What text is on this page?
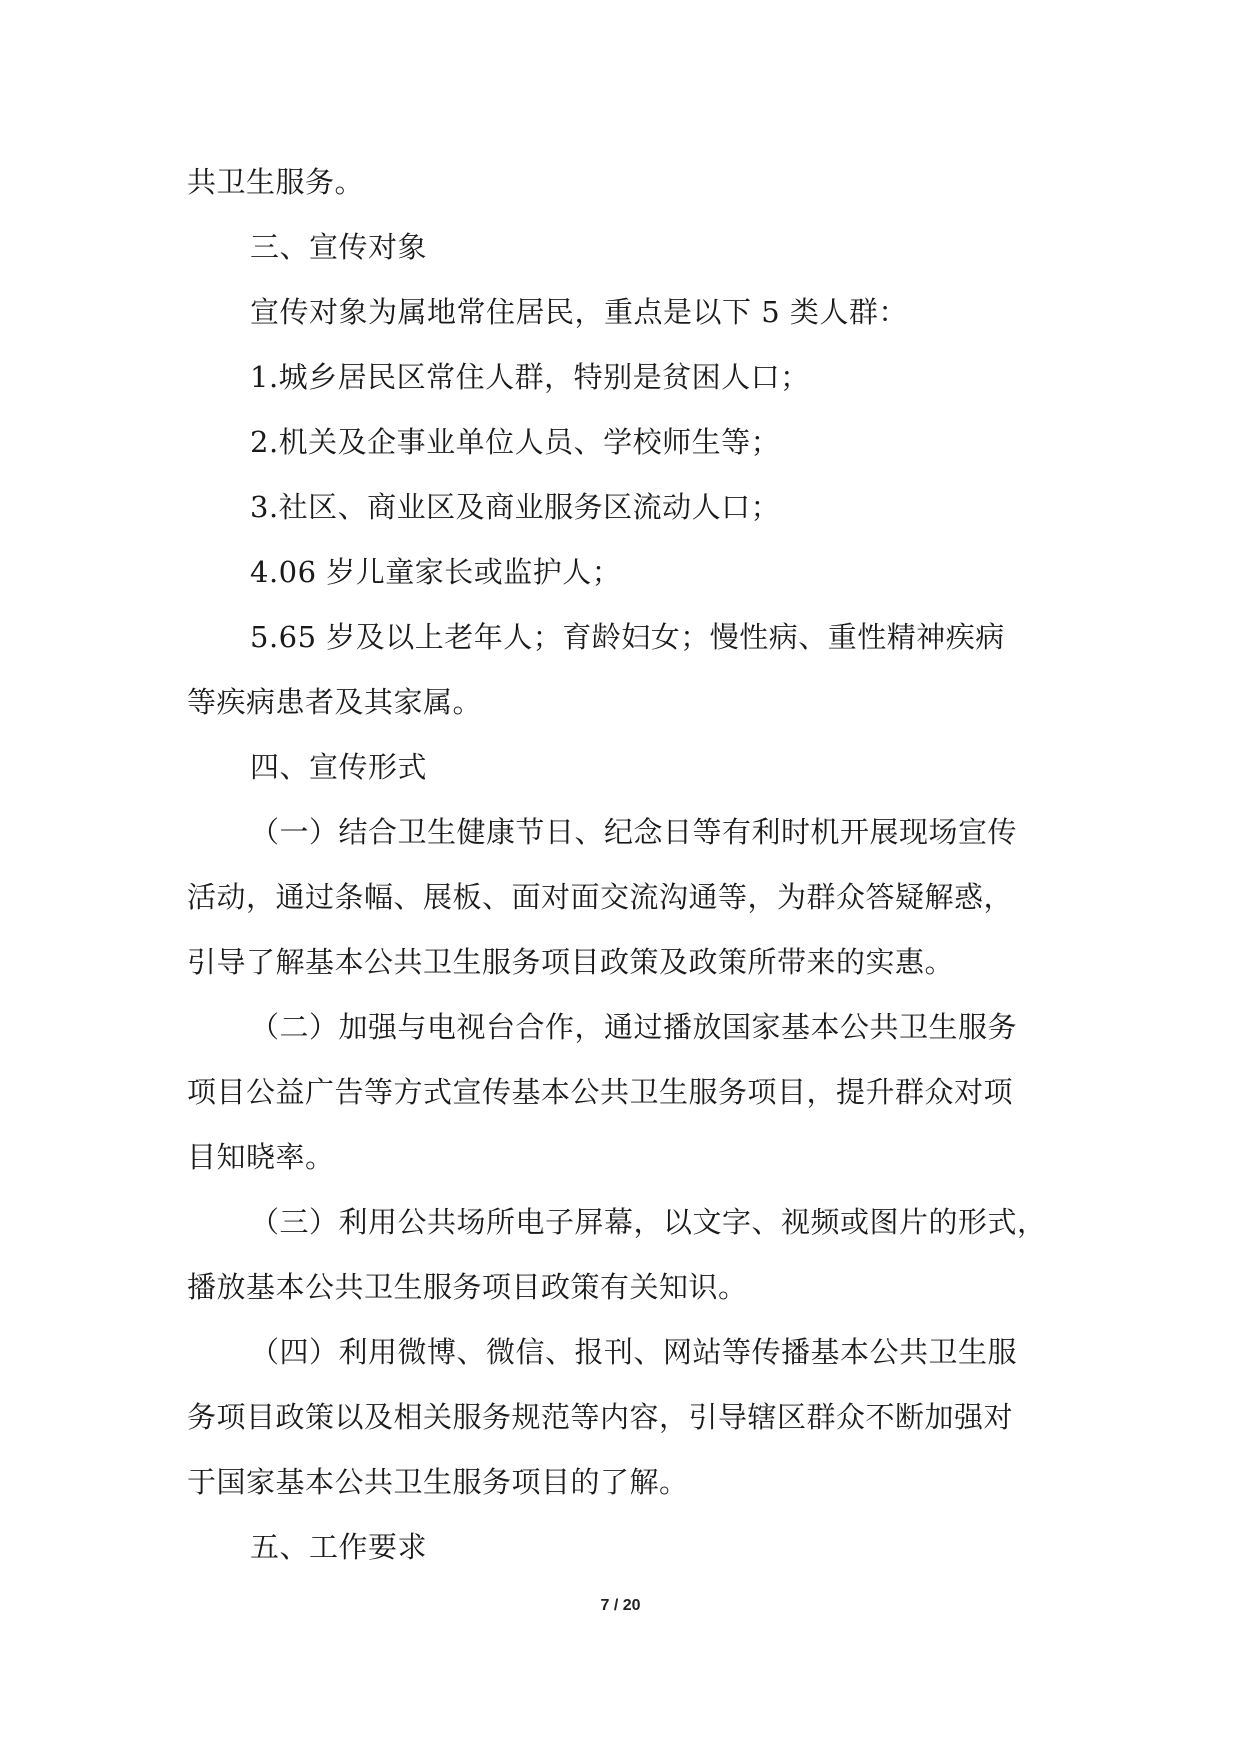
共卫生服务。
三、宣传对象
宣传对象为属地常住居民，重点是以下 5 类人群：
1.城乡居民区常住人群，特别是贫困人口；
2.机关及企事业单位人员、学校师生等；
3.社区、商业区及商业服务区流动人口；
4.06 岁儿童家长或监护人；
5.65 岁及以上老年人；育龄妇女；慢性病、重性精神疾病
等疾病患者及其家属。
四、宣传形式
（一）结合卫生健康节日、纪念日等有利时机开展现场宣传
活动，通过条幅、展板、面对面交流沟通等，为群众答疑解惑，
引导了解基本公共卫生服务项目政策及政策所带来的实惠。
（二）加强与电视台合作，通过播放国家基本公共卫生服务
项目公益广告等方式宣传基本公共卫生服务项目，提升群众对项
目知晓率。
（三）利用公共场所电子屏幕，以文字、视频或图片的形式，
播放基本公共卫生服务项目政策有关知识。
（四）利用微博、微信、报刊、网站等传播基本公共卫生服
务项目政策以及相关服务规范等内容，引导辖区群众不断加强对
于国家基本公共卫生服务项目的了解。
五、工作要求
7 / 20
